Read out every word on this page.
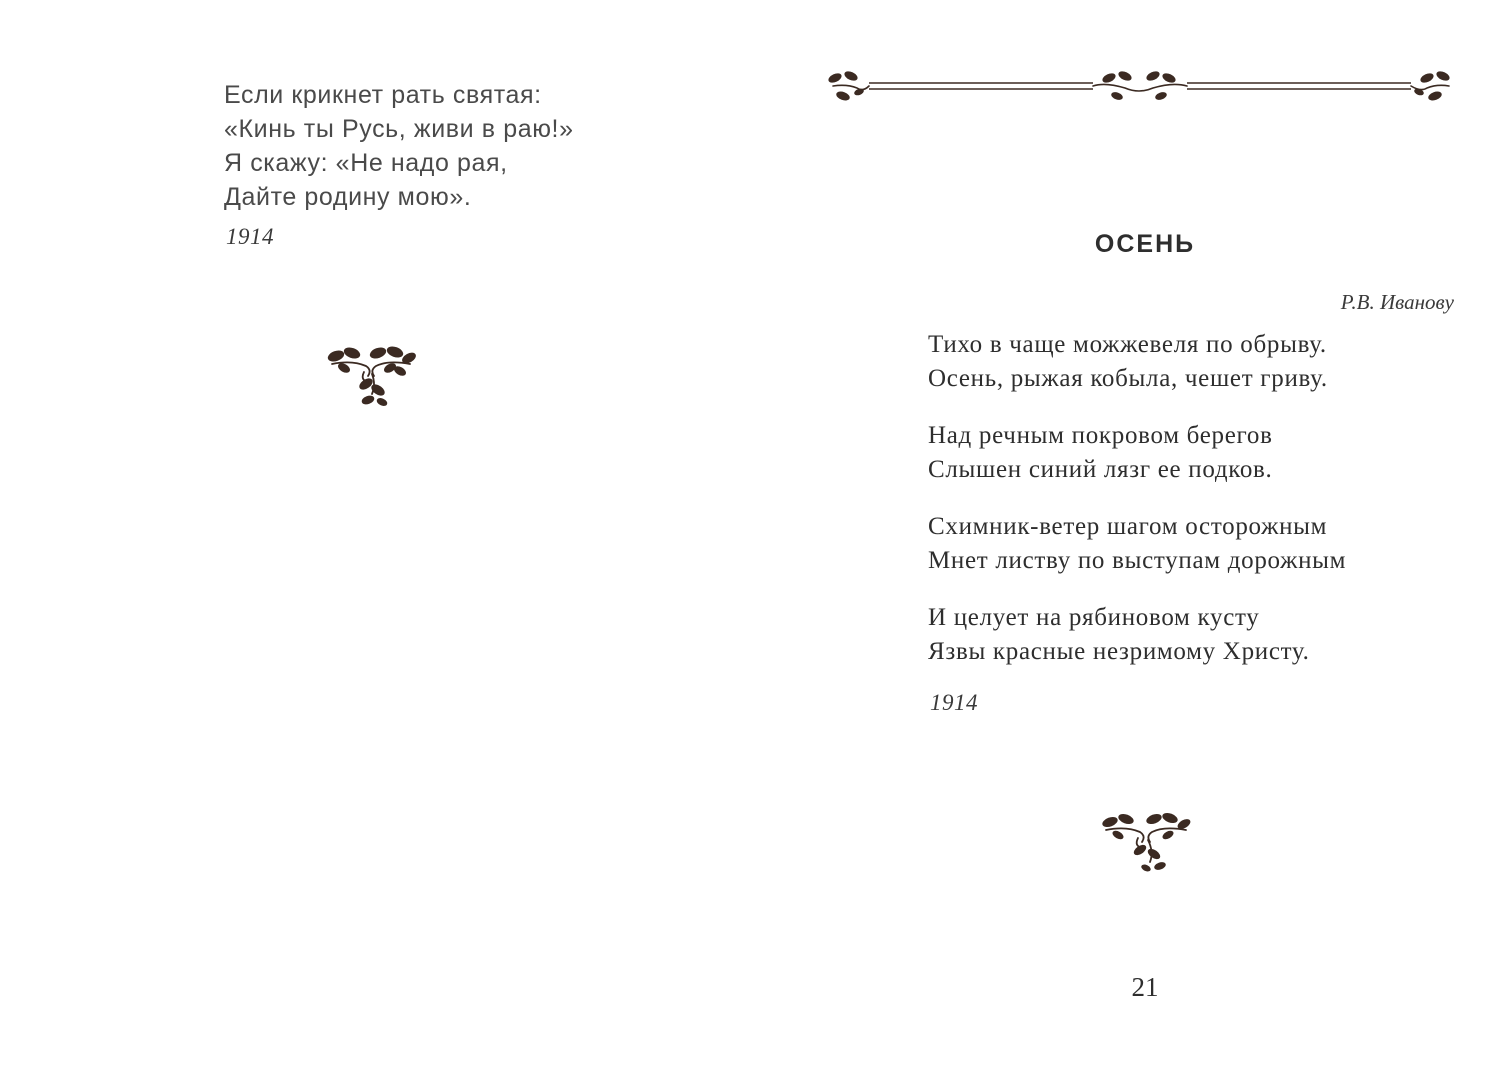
Если крикнет рать святая:
«Кинь ты Русь, живи в раю!»
Я скажу: «Не надо рая,
Дайте родину мою».
1914	ОСЕНЬ
Р.В. Иванову
Тихо в чаще можжевеля по обрыву.
Осень, рыжая кобыла, чешет гриву.
Над речным покровом берегов
Слышен синий лязг ее подков.
Схимник-ветер шагом осторожным
Мнет листву по выступам дорожным
И целует на рябиновом кусту
Язвы красные незримому Христу.
1914
21
